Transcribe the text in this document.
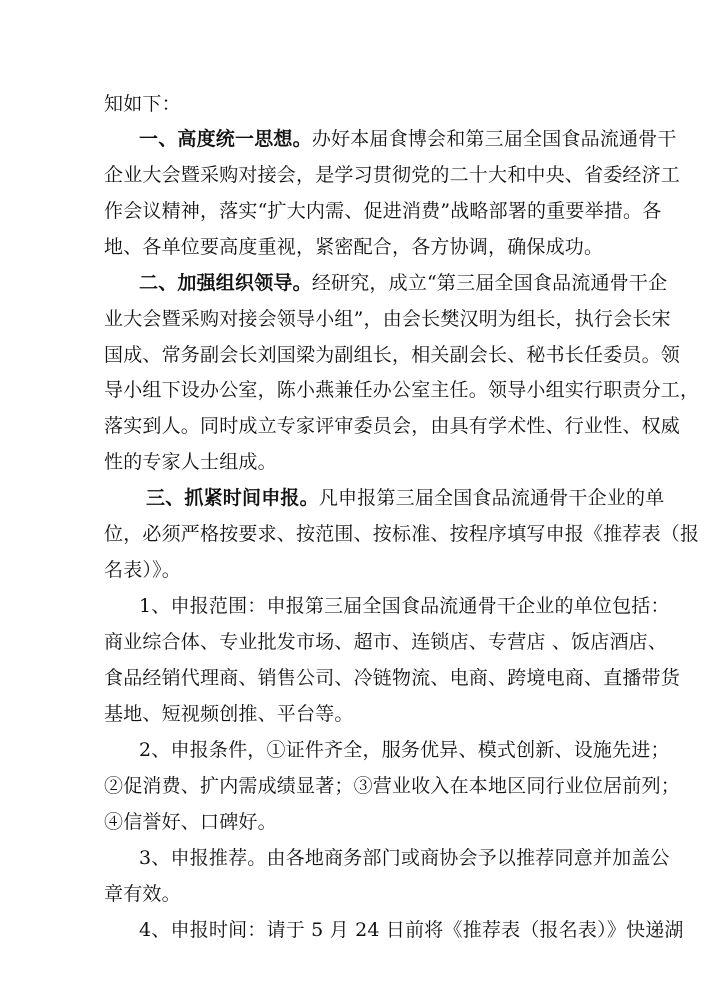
知如下：
一、高度统一思想。办好本届食博会和第三届全国食品流通骨干
企业大会暨采购对接会，是学习贯彻党的二十大和中央、省委经济工
作会议精神，落实“扩大内需、促进消费”战略部署的重要举措。各
地、各单位要高度重视，紧密配合，各方协调，确保成功。
二、加强组织领导。经研究，成立“第三届全国食品流通骨干企
业大会暨采购对接会领导小组”，由会长樊汉明为组长，执行会长宋
国成、常务副会长刘国梁为副组长，相关副会长、秘书长任委员。领
导小组下设办公室，陈小燕兼任办公室主任。领导小组实行职责分工，
落实到人。同时成立专家评审委员会，由具有学术性、行业性、权威
性的专家人士组成。
三、抓紧时间申报。凡申报第三届全国食品流通骨干企业的单
位，必须严格按要求、按范围、按标准、按程序填写申报《推荐表（报
名表）》。
1、申报范围：申报第三届全国食品流通骨干企业的单位包括：
商业综合体、专业批发市场、超市、连锁店、专营店 、饭店酒店、
食品经销代理商、销售公司、冷链物流、电商、跨境电商、直播带货
基地、短视频创推、平台等。
2、申报条件，①证件齐全，服务优异、模式创新、设施先进；
②促消费、扩内需成绩显著；③营业收入在本地区同行业位居前列；
④信誉好、口碑好。
3、申报推荐。由各地商务部门或商协会予以推荐同意并加盖公
章有效。
4、申报时间：请于 5 月 24 日前将《推荐表（报名表）》快递湖
